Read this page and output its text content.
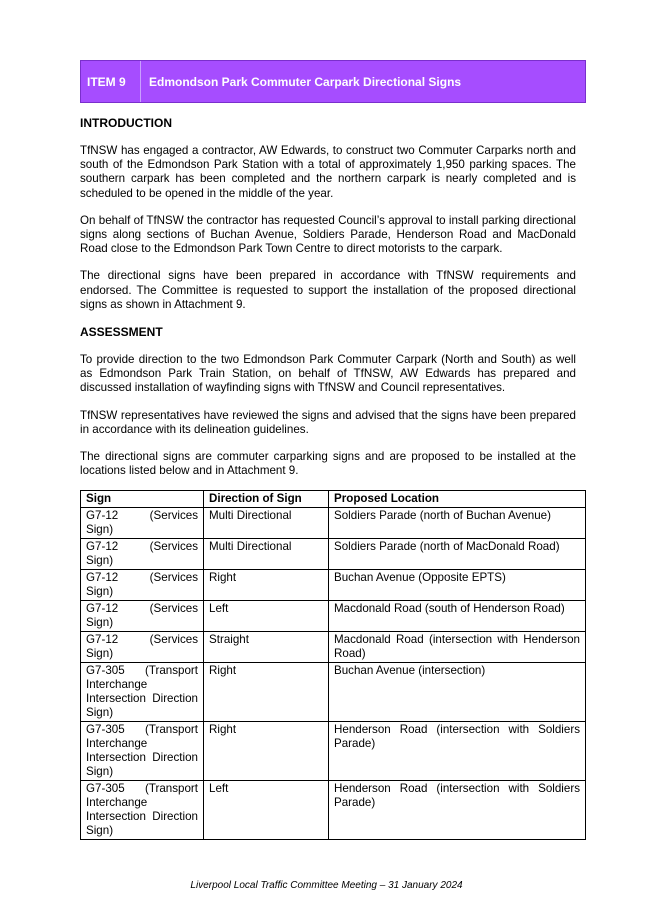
ITEM 9	Edmondson Park Commuter Carpark Directional Signs
INTRODUCTION

TfNSW has engaged a contractor, AW Edwards, to construct two Commuter Carparks north and south of the Edmondson Park Station with a total of approximately 1,950 parking spaces. The southern carpark has been completed and the northern carpark is nearly completed and is scheduled to be opened in the middle of the year.

On behalf of TfNSW the contractor has requested Council’s approval to install parking directional signs along sections of Buchan Avenue, Soldiers Parade, Henderson Road and MacDonald Road close to the Edmondson Park Town Centre to direct motorists to the carpark.

The directional signs have been prepared in accordance with TfNSW requirements and endorsed. The Committee is requested to support the installation of the proposed directional signs as shown in Attachment 9.

ASSESSMENT

To provide direction to the two Edmondson Park Commuter Carpark (North and South) as well as Edmondson Park Train Station, on behalf of TfNSW, AW Edwards has prepared and discussed installation of wayfinding signs with TfNSW and Council representatives.

TfNSW representatives have reviewed the signs and advised that the signs have been prepared in accordance with its delineation guidelines.

The directional signs are commuter carparking signs and are proposed to be installed at the locations listed below and in Attachment 9.

Sign	Direction of Sign	Proposed Location
G7-12 (Services Sign)	Multi Directional	Soldiers Parade (north of Buchan Avenue)
G7-12 (Services Sign)	Multi Directional	Soldiers Parade (north of MacDonald Road)
G7-12 (Services Sign)	Right	Buchan Avenue (Opposite EPTS)
G7-12 (Services Sign)	Left	Macdonald Road (south of Henderson Road)
G7-12 (Services Sign)	Straight	Macdonald Road (intersection with Henderson Road)
G7-305 (Transport Interchange Intersection Direction Sign)	Right	Buchan Avenue (intersection)
G7-305 (Transport Interchange Intersection Direction Sign)	Right	Henderson Road (intersection with Soldiers Parade)
G7-305 (Transport Interchange Intersection Direction Sign)	Left	Henderson Road (intersection with Soldiers Parade)
Liverpool Local Traffic Committee Meeting – 31 January 2024
